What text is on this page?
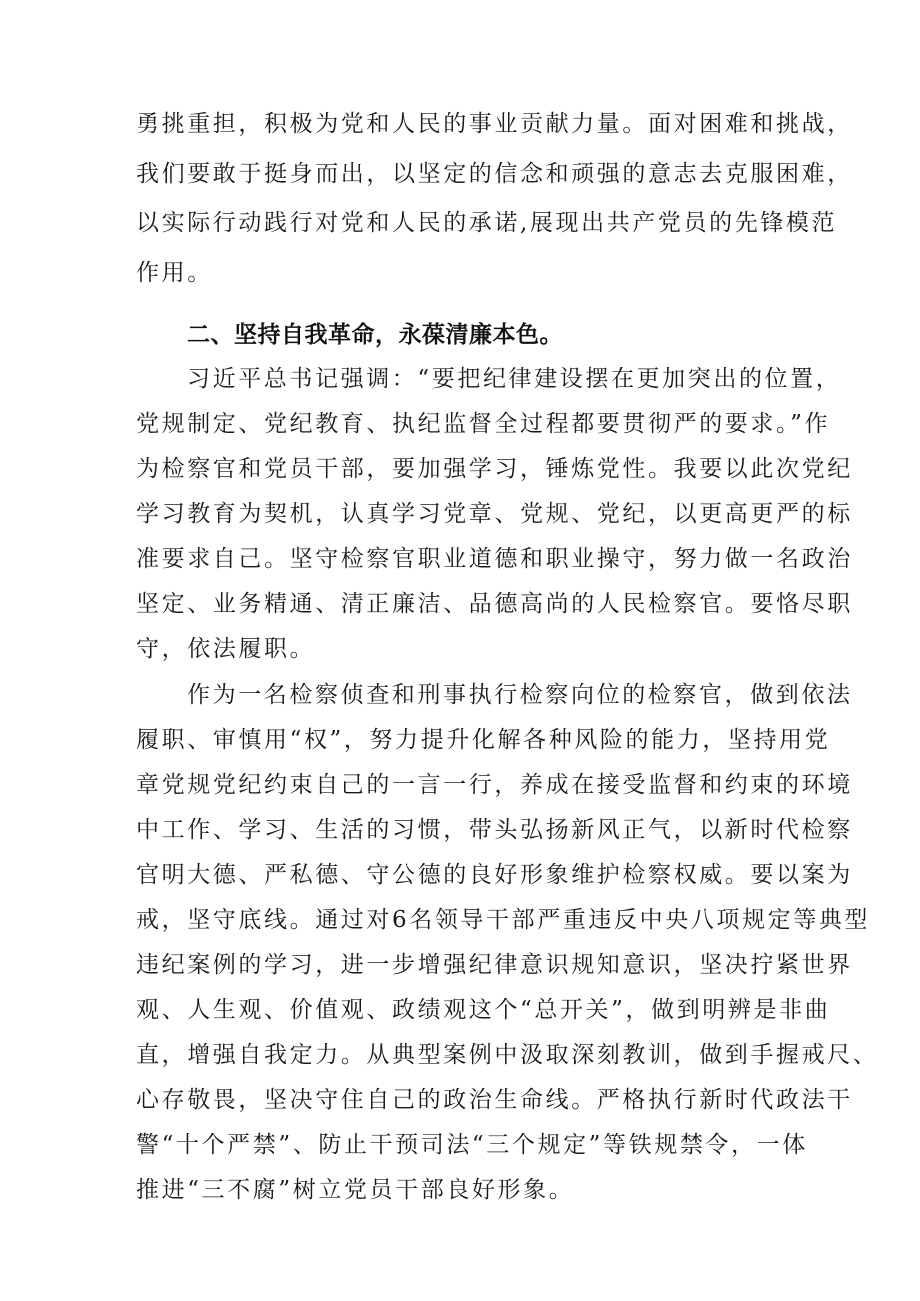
勇挑重担，积极为党和人民的事业贡献力量。面对困难和挑战，
我们要敢于挺身而出，以坚定的信念和顽强的意志去克服困难，
以实际行动践行对党和人民的承诺,展现出共产党员的先锋模范
作用。
二、坚持自我革命，永葆清廉本色。
习近平总书记强调：“要把纪律建设摆在更加突出的位置，
党规制定、党纪教育、执纪监督全过程都要贯彻严的要求。”作
为检察官和党员干部，要加强学习，锤炼党性。我要以此次党纪
学习教育为契机，认真学习党章、党规、党纪，以更高更严的标
准要求自己。坚守检察官职业道德和职业操守，努力做一名政治
坚定、业务精通、清正廉洁、品德高尚的人民检察官。要恪尽职
守，依法履职。
作为一名检察侦查和刑事执行检察向位的检察官，做到依法
履职、审慎用“权”，努力提升化解各种风险的能力，坚持用党
章党规党纪约束自己的一言一行，养成在接受监督和约束的环境
中工作、学习、生活的习惯，带头弘扬新风正气，以新时代检察
官明大德、严私德、守公德的良好形象维护检察权威。要以案为
戒，坚守底线。通过对6名领导干部严重违反中央八项规定等典型
违纪案例的学习，进一步增强纪律意识规知意识，坚决拧紧世界
观、人生观、价值观、政绩观这个“总开关”，做到明辨是非曲
直，增强自我定力。从典型案例中汲取深刻教训，做到手握戒尺、
心存敬畏，坚决守住自己的政治生命线。严格执行新时代政法干
警“十个严禁”、防止干预司法“三个规定”等铁规禁令，一体
推进“三不腐”树立党员干部良好形象。
